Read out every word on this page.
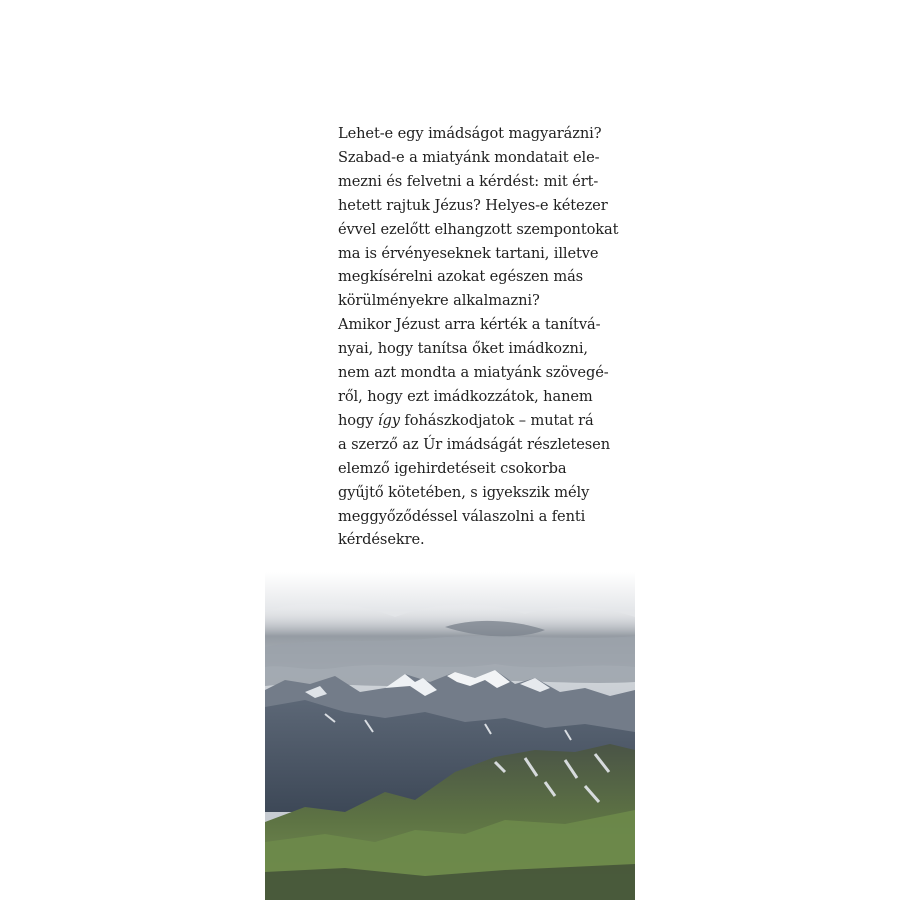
Lehet-e egy imádságot magyarázni?
Szabad-e a miatyánk mondatait ele-
mezni és felvetni a kérdést: mit ért-
hetett rajtuk Jézus? Helyes-e kétezer
évvel ezelőtt elhangzott szempontokat
ma is érvényeseknek tartani, illetve
megkísérelni azokat egészen más
körülményekre alkalmazni?
Amikor Jézust arra kérték a tanítvá-
nyai, hogy tanítsa őket imádkozni,
nem azt mondta a miatyánk szövegé-
ről, hogy ezt imádkozzátok, hanem
hogy így fohászkodjatok – mutat rá
a szerző az Úr imádságát részletesen
elemző igehirdetéseit csokorba
gyűjtő kötetében, s igyekszik mély
meggyőződéssel válaszolni a fenti
kérdésekre.
